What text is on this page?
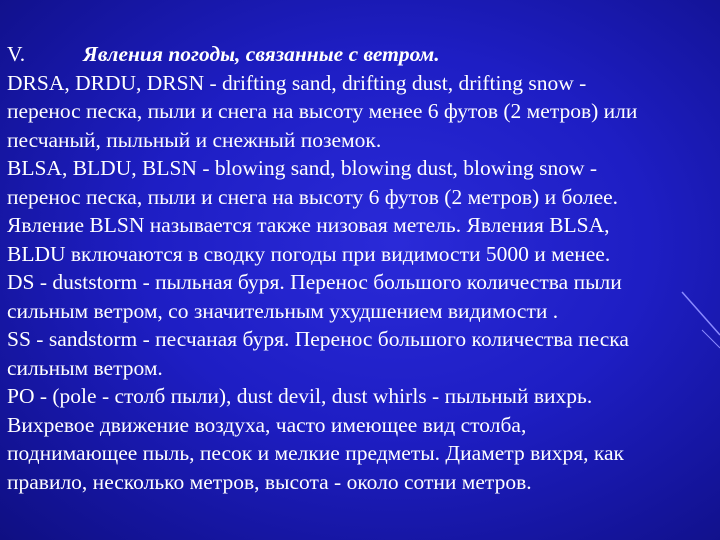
V.	Явления погоды, связанные с ветром.
DRSA, DRDU, DRSN - drifting sand, drifting dust, drifting snow -
перенос песка, пыли и снега на высоту менее 6 футов (2 метров) или
песчаный, пыльный и снежный поземок.
BLSA, BLDU, BLSN - blowing sand, blowing dust, blowing snow -
перенос песка, пыли и снега на высоту 6 футов (2 метров) и более.
Явление BLSN называется также низовая метель. Явления BLSA,
BLDU включаются в сводку погоды при видимости 5000 и менее.
DS - duststorm - пыльная буря. Перенос большого количества пыли
сильным ветром, со значительным ухудшением видимости .
SS - sandstorm - песчаная буря. Перенос большого количества песка
сильным ветром.
PO - (pole - столб пыли), dust devil, dust whirls - пыльный вихрь.
Вихревое движение воздуха, часто имеющее вид столба,
поднимающее пыль, песок и мелкие предметы. Диаметр вихря, как
правило, несколько метров, высота - около сотни метров.
